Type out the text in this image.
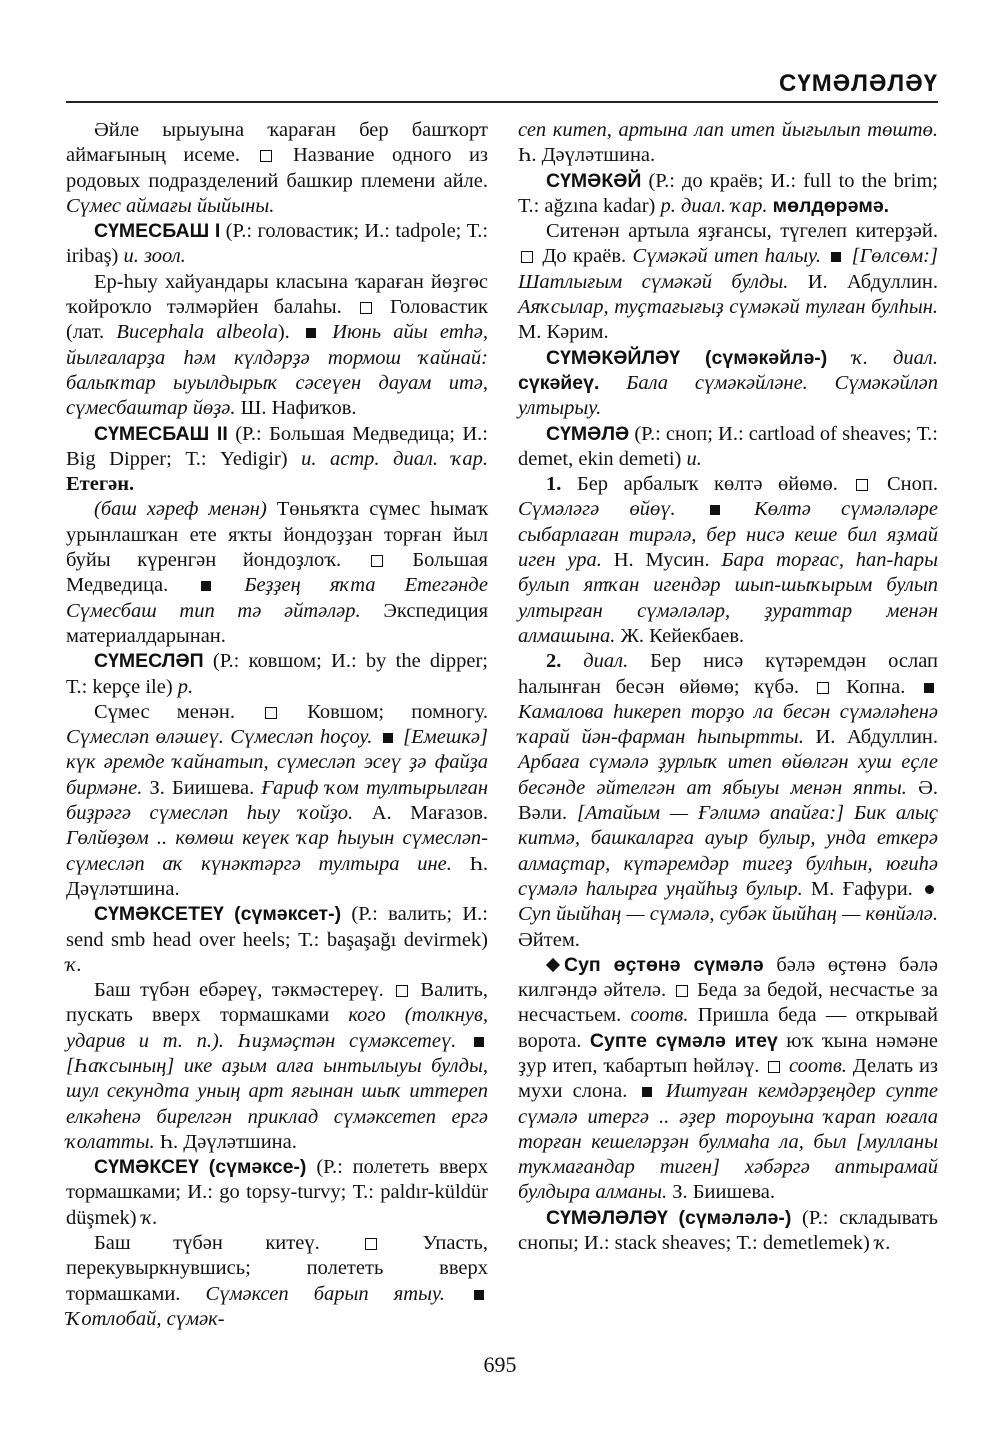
СҮМӘЛӘЛӘҮ

Әйле ырыуына ҡараған бер башҡорт аймағының исеме.	Название одного из родовых подразделений башкир племени айле. Сүмес аймағы йыйыны.

СҮМЕСБАШ I (Р.: головастик; И.: tadpole; Т.: iribaş) и. зоол.

Ер-һыу хайуандары класына ҡараған йөҙгөс ҡойроҡло тәлмәрйен балаһы. Головастик (лат. Bucephala albeola). Июнь айы етһә, йылғаларҙа һәм күлдәрҙә тормош ҡайнай: балыҡтар ыуылдырыҡ сәсеүен дауам итә, сүмесбаштар йөҙә. Ш. Нафиҡов.

СҮМЕСБАШ II (Р.: Большая Медведица; И.: Big Dipper; Т.: Yedigir) и. астр. диал. ҡар. Етегән.

(баш хәреф менән) Төньяҡта сүмес һымаҡ урынлашҡан ете яҡты йондоҙҙан торған йыл буйы күренгән йондоҙлоҡ.	Большая Медведица.	Беҙҙең яҡта Етегәнде Сүмесбаш тип тә әйтәләр. Экспедиция материалдарынан.

СҮМЕСЛӘП (Р.: ковшом; И.: by the dipper; Т.: kepçe ile) р.

Сүмес менән.	Ковшом; помногу. Сүмесләп өләшеү. Сүмесләп һоҫоу. [Емешкә] күк әремде ҡайнатып, сүмесләп эсеү ҙә файҙа бирмәне. З. Биишева. Ғариф ҡом тултырылған биҙрәгә сүмесләп һыу ҡойҙо. А. Мағазов. Гөлйөҙөм .. көмөш кеүек ҡар һыуын сүмесләп-сүмесләп аҡ күнәктәргә тултыра ине. Һ. Дәүләтшина.

СҮМӘКСЕТЕҮ (сүмәксет-) (Р.: валить; И.: send smb head over heels; Т.: başaşağı devirmek) ҡ.

Баш түбән ебәреү, тәкмәстереү. Валить, пускать вверх тормашками кого (толкнув, ударив и т. п.). Һиҙмәҫтән сүмәксетеү.  [Һаҡсының] ике аҙым алға ынтылыуы булды, шул секундта уның арт яғынан шыҡ иттереп елкәһенә бирелгән приклад сүмәксетеп ергә ҡолатты. Һ. Дәүләтшина.

СҮМӘКСЕҮ (сүмәксе-) (Р.: полететь вверх тормашками; И.: go topsy-turvy; Т.: paldır-küldür düşmek) ҡ.

Баш түбән китеү.	Упасть, перекувыркнувшись; полететь вверх тормашками. Сүмәксеп барып ятыу.  Ҡотлобай, сүмәк-

сеп китеп, артына лап итеп йығылып төштө. Һ. Дәүләтшина.

СҮМӘКӘЙ (Р.: до краёв; И.: full to the brim; Т.: ağzına kadar) р. диал. ҡар. мөлдөрәмә.

Ситенән артыла яҙғансы, түгелеп китерҙәй.  До краёв. Сүмәкәй итеп һалыу. [Гөлсөм:] Шатлығым сүмәкәй булды. И. Абдуллин. Аяҡсылар, туҫтағығыҙ сүмәкәй тулған булһын. М. Кәрим.

СҮМӘКӘЙЛӘҮ (сүмәкәйлә-) ҡ. диал. сүкәйеү. Бала сүмәкәйләне. Сүмәкәйләп ултырыу.

СҮМӘЛӘ (Р.: сноп; И.: cartload of sheaves; Т.: demet, ekin demeti) и.

1. Бер арбалыҡ көлтә өйөмө. Сноп. Сүмәләгә өйөү.	Көлтә сүмәләләре сыбарлаған тирәлә, бер нисә кеше бил яҙмай иген ура. Н. Мусин. Бара торғас, һап-һары булып ятҡан игендәр шып-шыҡырым булып ултырған сүмәләләр, ҙураттар менән алмашына. Ж. Кейекбаев.

2. диал. Бер нисә күтәремдән ослап һалынған бесән өйөмө; күбә. Копна.  Камалова һикереп торҙо ла бесән сүмәләһенә ҡарай йән-фарман һыпыртты. И. Абдуллин. Арбаға сүмәлә ҙурлыҡ итеп өйөлгән хуш еҫле бесәнде әйтелгән ат ябыуы менән япты. Ә. Вәли. [Атайым — Ғәлимә апайға:] Бик алыҫ китмә, башкаларға ауыр булыр, унда еткерә алмаҫтар, күтәремдәр тигеҙ булһын, юғиһә сүмәлә һалырға уңайһыҙ булыр. М. Ғафури.  Суп йыйһаң — сүмәлә, субәк йыйһаң — көнйәлә. Әйтем.

Суп өҫтөнә сүмәлә бәлә өҫтөнә бәлә килгәндә әйтелә. Беда за бедой, несчастье за несчастьем. соотв. Пришла беда — открывай ворота. Супте сүмәлә итеү юҡ ҡына нәмәне ҙур итеп, ҡабартып һөйләү. соотв. Делать из мухи слона. Иштуған кемдәрҙеңдер супте сүмәлә итергә .. әҙер тороуына ҡарап юғала торған кешеләрҙән булмаһа ла, был [мулланы туҡмағандар тиген] хәбәргә аптырамай булдыра алманы. З. Биишева.

СҮМӘЛӘЛӘҮ (сүмәләлә-) (Р.: складывать снопы; И.: stack sheaves; Т.: demetlemek) ҡ.

695
